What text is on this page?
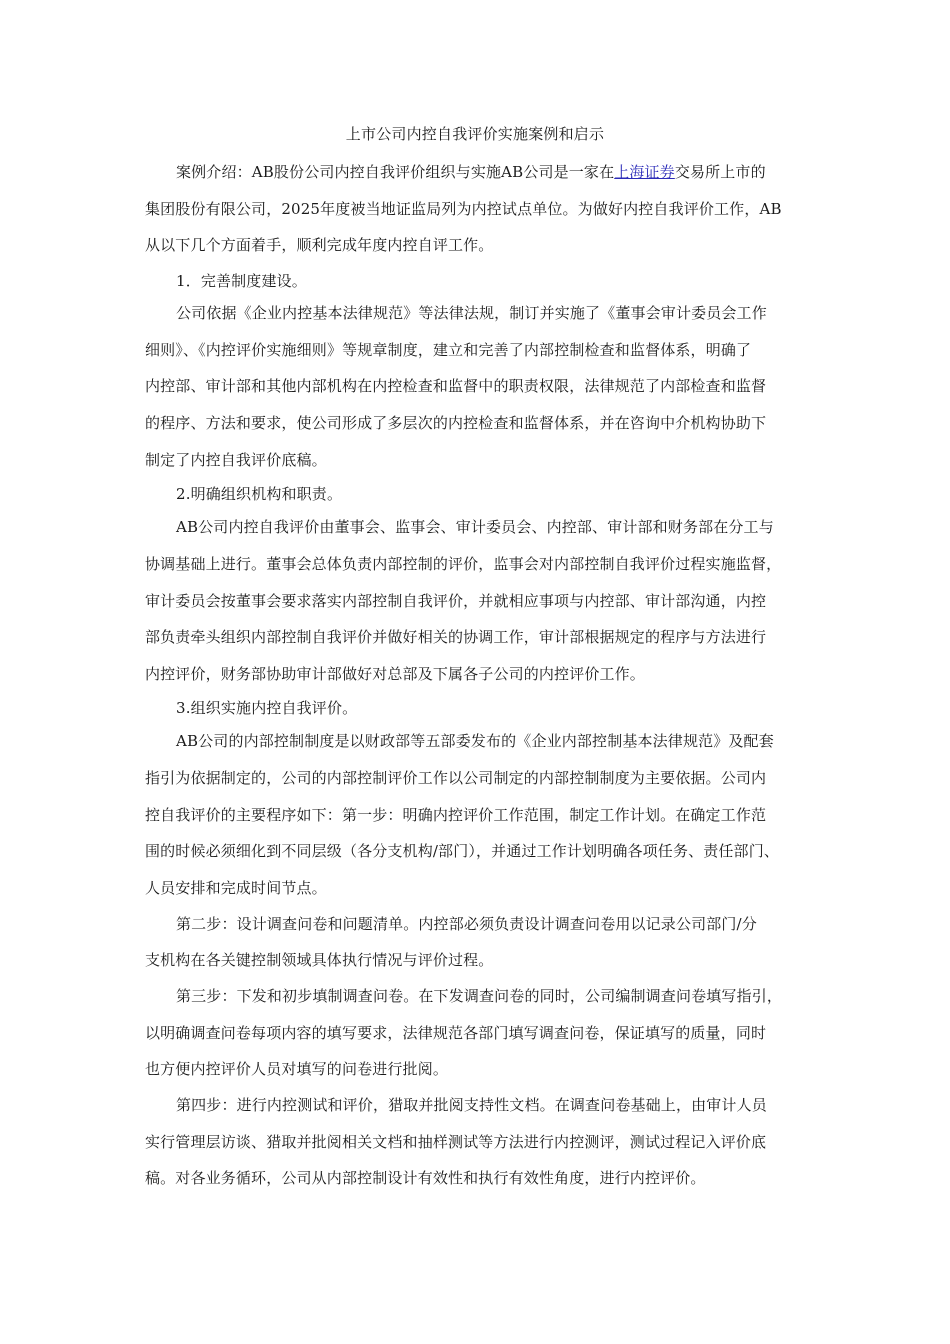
上市公司内控自我评价实施案例和启示
案例介绍：AB股份公司内控自我评价组织与实施AB公司是一家在上海证券交易所上市的
集团股份有限公司，2025年度被当地证监局列为内控试点单位。为做好内控自我评价工作，AB
从以下几个方面着手，顺利完成年度内控自评工作。
1．完善制度建设。
公司依据《企业内控基本法律规范》等法律法规，制订并实施了《董事会审计委员会工作
细则》、《内控评价实施细则》等规章制度，建立和完善了内部控制检查和监督体系，明确了
内控部、审计部和其他内部机构在内控检查和监督中的职责权限，法律规范了内部检查和监督
的程序、方法和要求，使公司形成了多层次的内控检查和监督体系，并在咨询中介机构协助下
制定了内控自我评价底稿。
2.明确组织机构和职责。
AB公司内控自我评价由董事会、监事会、审计委员会、内控部、审计部和财务部在分工与
协调基础上进行。董事会总体负责内部控制的评价，监事会对内部控制自我评价过程实施监督，
审计委员会按董事会要求落实内部控制自我评价，并就相应事项与内控部、审计部沟通，内控
部负责牵头组织内部控制自我评价并做好相关的协调工作，审计部根据规定的程序与方法进行
内控评价，财务部协助审计部做好对总部及下属各子公司的内控评价工作。
3.组织实施内控自我评价。
AB公司的内部控制制度是以财政部等五部委发布的《企业内部控制基本法律规范》及配套
指引为依据制定的，公司的内部控制评价工作以公司制定的内部控制制度为主要依据。公司内
控自我评价的主要程序如下：第一步：明确内控评价工作范围，制定工作计划。在确定工作范
围的时候必须细化到不同层级（各分支机构/部门），并通过工作计划明确各项任务、责任部门、
人员安排和完成时间节点。
第二步：设计调查问卷和问题清单。内控部必须负责设计调查问卷用以记录公司部门/分
支机构在各关键控制领域具体执行情况与评价过程。
第三步：下发和初步填制调查问卷。在下发调查问卷的同时，公司编制调查问卷填写指引，
以明确调查问卷每项内容的填写要求，法律规范各部门填写调查问卷，保证填写的质量，同时
也方便内控评价人员对填写的问卷进行批阅。
第四步：进行内控测试和评价，猎取并批阅支持性文档。在调查问卷基础上，由审计人员
实行管理层访谈、猎取并批阅相关文档和抽样测试等方法进行内控测评，测试过程记入评价底
稿。对各业务循环，公司从内部控制设计有效性和执行有效性角度，进行内控评价。
